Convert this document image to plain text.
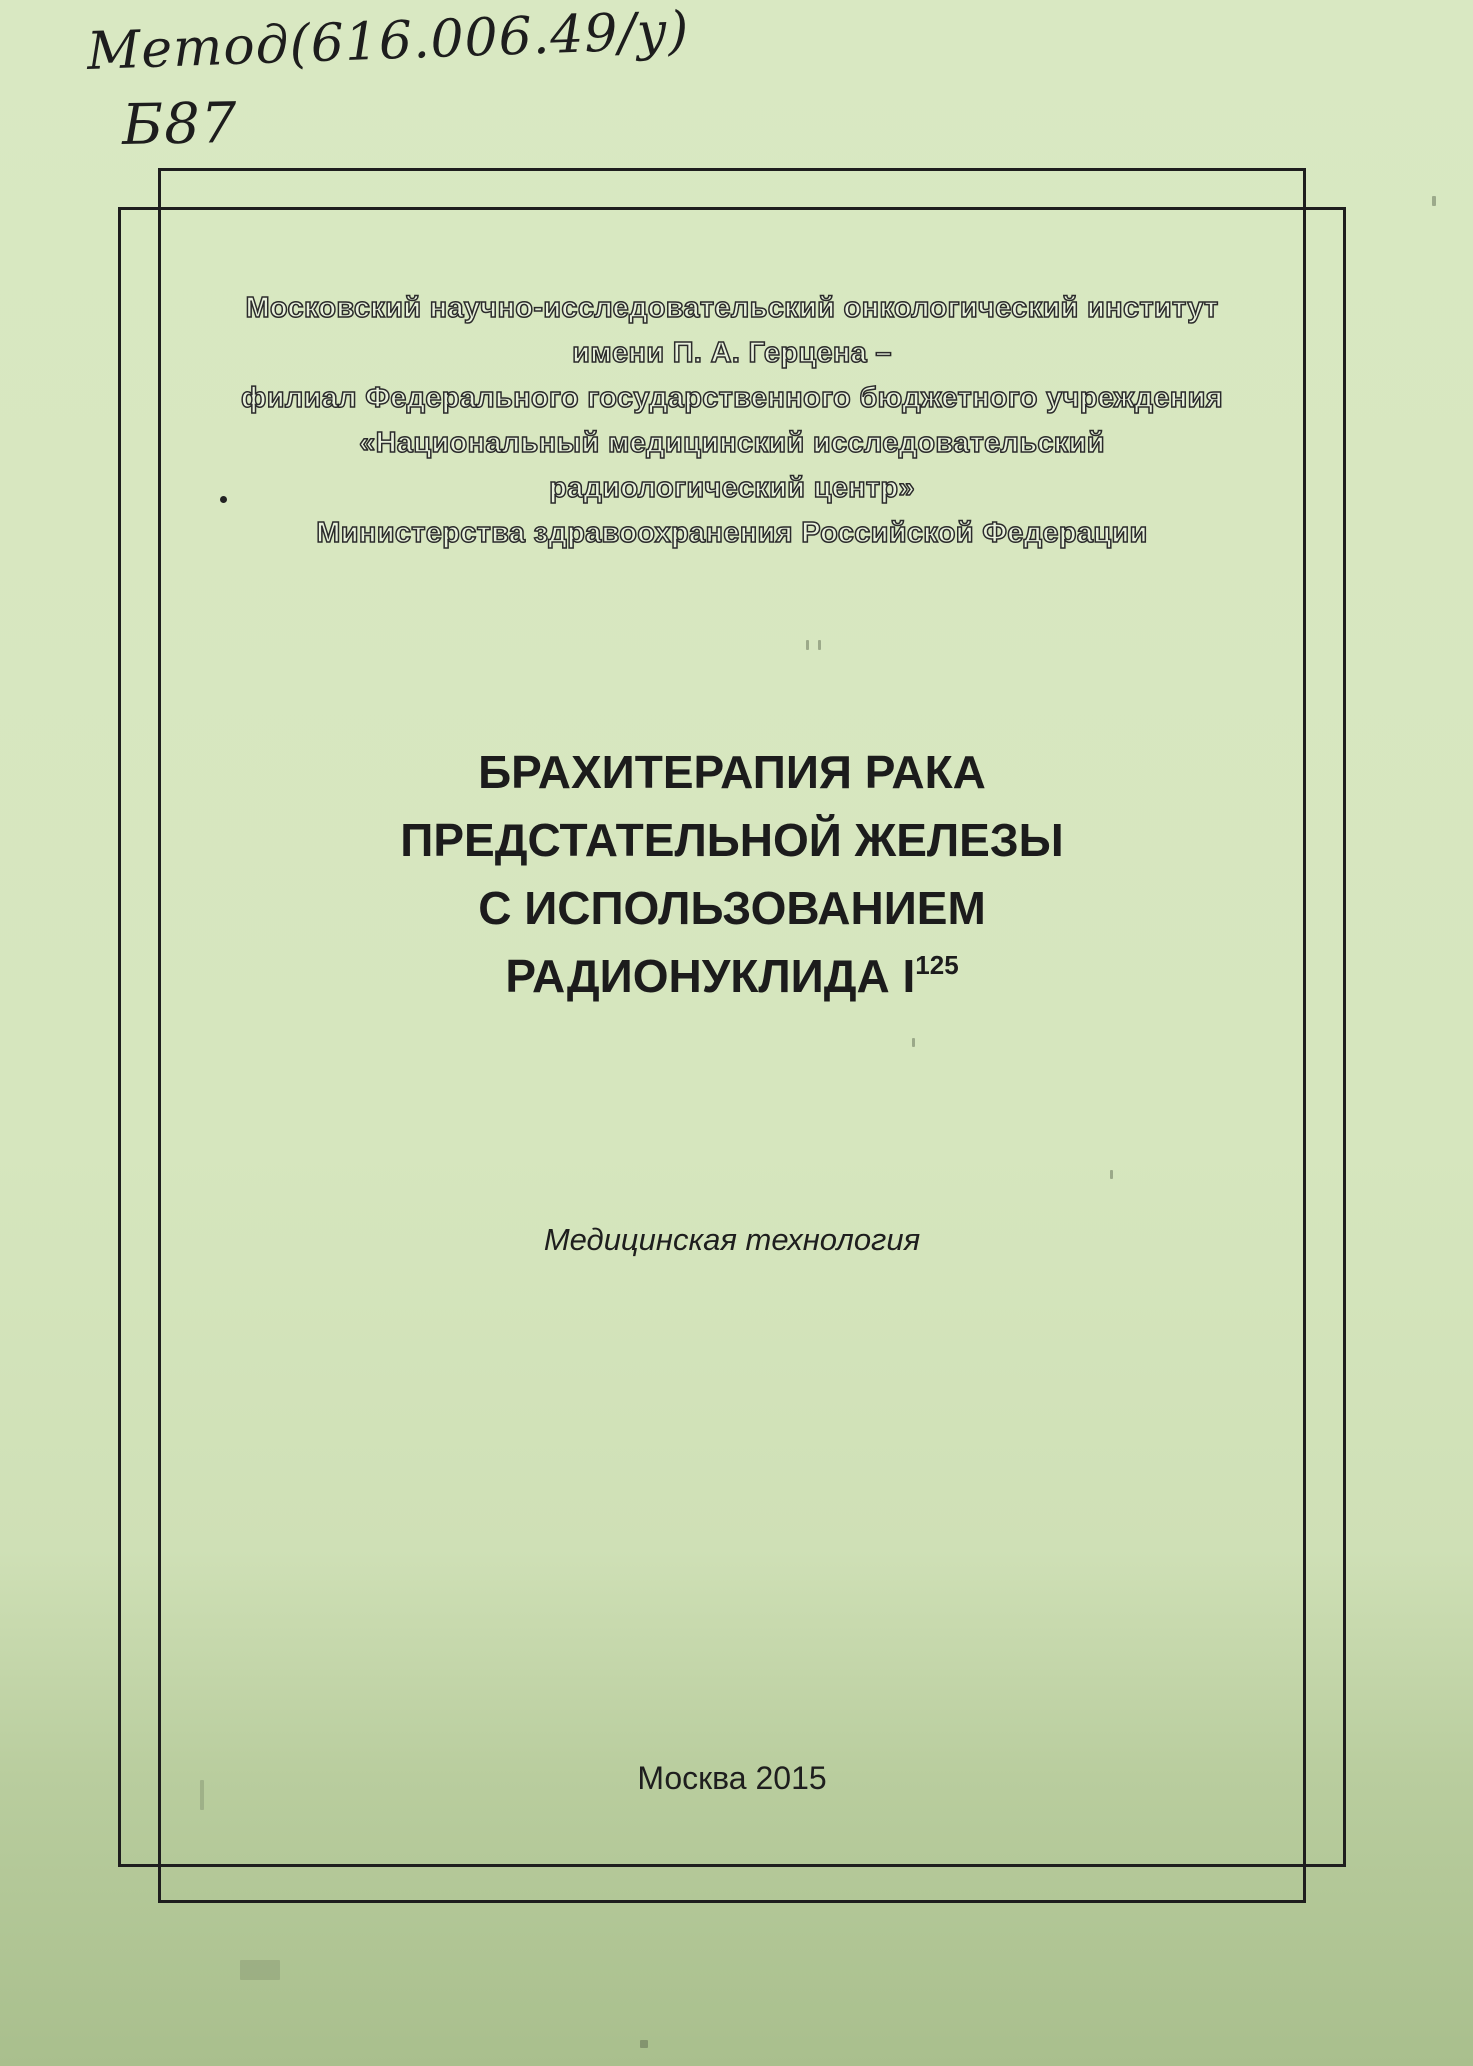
Метод(616.006.49/у)
Б87
Московский научно-исследовательский онкологический институт
имени П. А. Герцена –
филиал Федерального государственного бюджетного учреждения
«Национальный медицинский исследовательский
радиологический центр»
Министерства здравоохранения Российской Федерации
БРАХИТЕРАПИЯ РАКА
ПРЕДСТАТЕЛЬНОЙ ЖЕЛЕЗЫ
С ИСПОЛЬЗОВАНИЕМ
РАДИОНУКЛИДА $I^{125}$
Медицинская технология
Москва 2015
